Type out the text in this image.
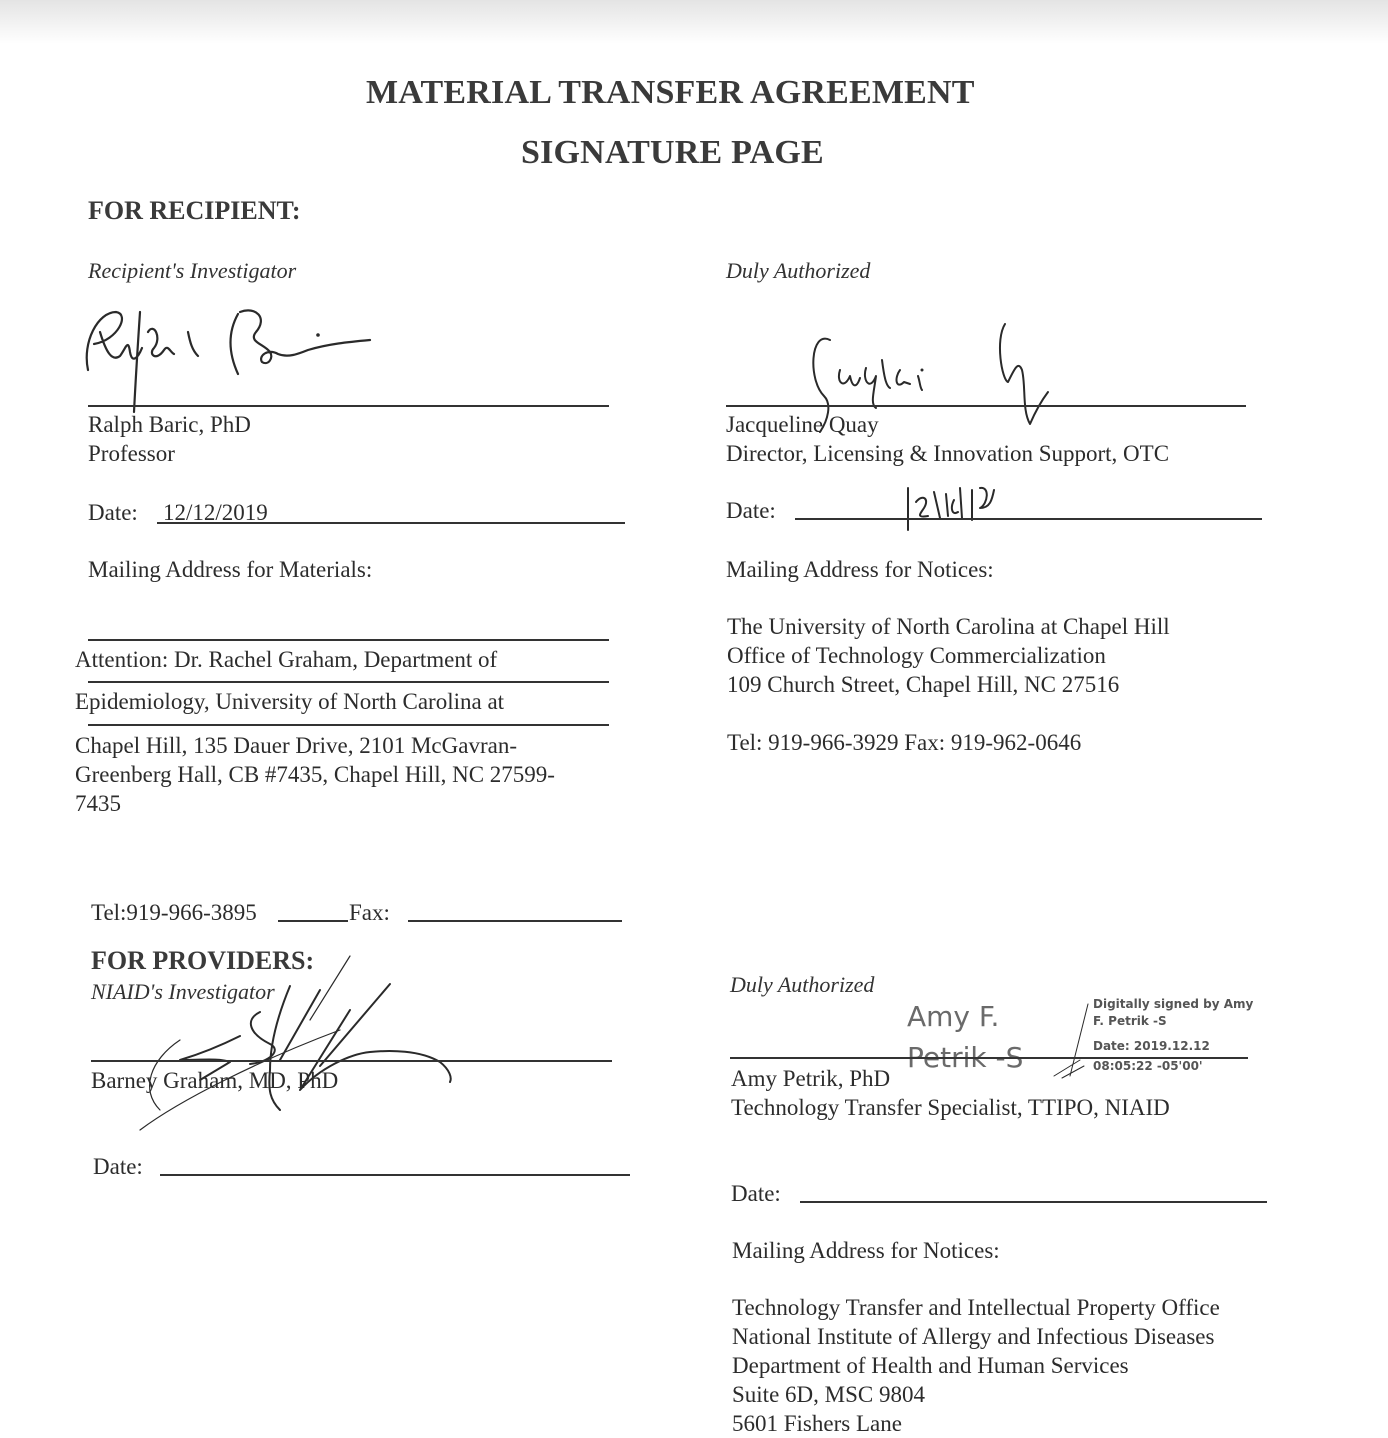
MATERIAL TRANSFER AGREEMENT
SIGNATURE PAGE
FOR RECIPIENT:
Recipient's Investigator
Ralph Baric, PhD
Professor
Date: 12/12/2019
Mailing Address for Materials:
Attention: Dr. Rachel Graham, Department of
Epidemiology, University of North Carolina at
Chapel Hill, 135 Dauer Drive, 2101 McGavran-
Greenberg Hall, CB #7435, Chapel Hill, NC 27599-
7435
Tel:919-966-3895	Fax:
Duly Authorized
Jacqueline Quay
Director, Licensing & Innovation Support, OTC
Date:
Mailing Address for Notices:
The University of North Carolina at Chapel Hill
Office of Technology Commercialization
109 Church Street, Chapel Hill, NC 27516
Tel: 919-966-3929 Fax: 919-962-0646
FOR PROVIDERS:
NIAID's Investigator
Barney Graham, MD, PhD
Date:
Duly Authorized
Amy F.
Petrik -S
Digitally signed by Amy
F. Petrik -S
Date: 2019.12.12
08:05:22 -05'00'
Amy Petrik, PhD
Technology Transfer Specialist, TTIPO, NIAID
Date:
Mailing Address for Notices:
Technology Transfer and Intellectual Property Office
National Institute of Allergy and Infectious Diseases
Department of Health and Human Services
Suite 6D, MSC 9804
5601 Fishers Lane
